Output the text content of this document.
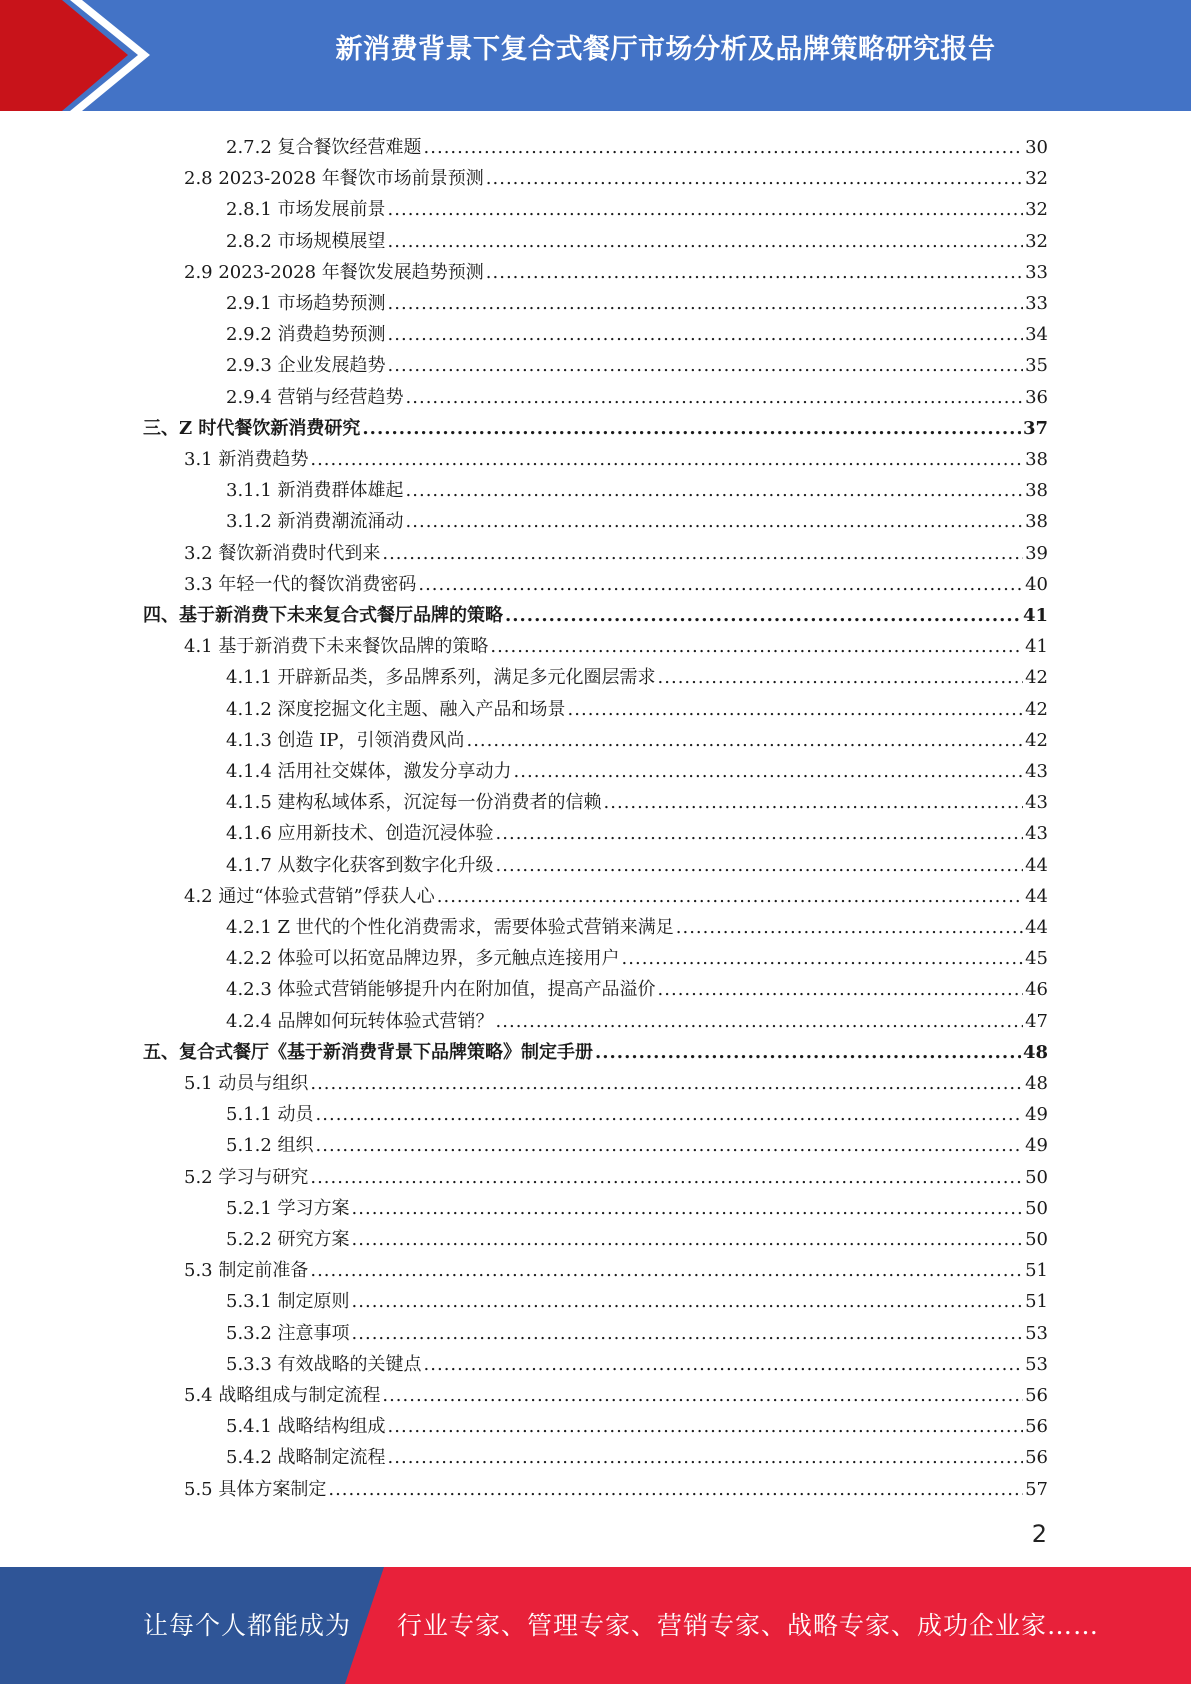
新消费背景下复合式餐厅市场分析及品牌策略研究报告
2.7.2 复合餐饮经营难题 .....	30
2.8 2023-2028 年餐饮市场前景预测 .....	32
2.8.1 市场发展前景 .....	32
2.8.2 市场规模展望 .....	32
2.9 2023-2028 年餐饮发展趋势预测 .....	33
2.9.1 市场趋势预测 .....	33
2.9.2 消费趋势预测 .....	34
2.9.3 企业发展趋势 .....	35
2.9.4 营销与经营趋势 .....	36
三、Z 时代餐饮新消费研究 .....	37
3.1 新消费趋势 .....	38
3.1.1 新消费群体雄起 .....	38
3.1.2 新消费潮流涌动 .....	38
3.2 餐饮新消费时代到来 .....	39
3.3 年轻一代的餐饮消费密码 .....	40
四、基于新消费下未来复合式餐厅品牌的策略 .....	41
4.1 基于新消费下未来餐饮品牌的策略 .....	41
4.1.1 开辟新品类，多品牌系列，满足多元化圈层需求 .....	42
4.1.2 深度挖掘文化主题、融入产品和场景 .....	42
4.1.3 创造 IP，引领消费风尚 .....	42
4.1.4 活用社交媒体，激发分享动力 .....	43
4.1.5 建构私域体系，沉淀每一份消费者的信赖 .....	43
4.1.6 应用新技术、创造沉浸体验 .....	43
4.1.7 从数字化获客到数字化升级 .....	44
4.2 通过“体验式营销”俘获人心 .....	44
4.2.1 Z 世代的个性化消费需求，需要体验式营销来满足 .....	44
4.2.2 体验可以拓宽品牌边界，多元触点连接用户 .....	45
4.2.3 体验式营销能够提升内在附加值，提高产品溢价 .....	46
4.2.4 品牌如何玩转体验式营销？ .....	47
五、复合式餐厅《基于新消费背景下品牌策略》制定手册 .....	48
5.1 动员与组织 .....	48
5.1.1 动员 .....	49
5.1.2 组织 .....	49
5.2 学习与研究 .....	50
5.2.1 学习方案 .....	50
5.2.2 研究方案 .....	50
5.3 制定前准备 .....	51
5.3.1 制定原则 .....	51
5.3.2 注意事项 .....	53
5.3.3 有效战略的关键点 .....	53
5.4 战略组成与制定流程 .....	56
5.4.1 战略结构组成 .....	56
5.4.2 战略制定流程 .....	56
5.5 具体方案制定 .....	57
2
让每个人都能成为 行业专家、管理专家、营销专家、战略专家、成功企业家……
